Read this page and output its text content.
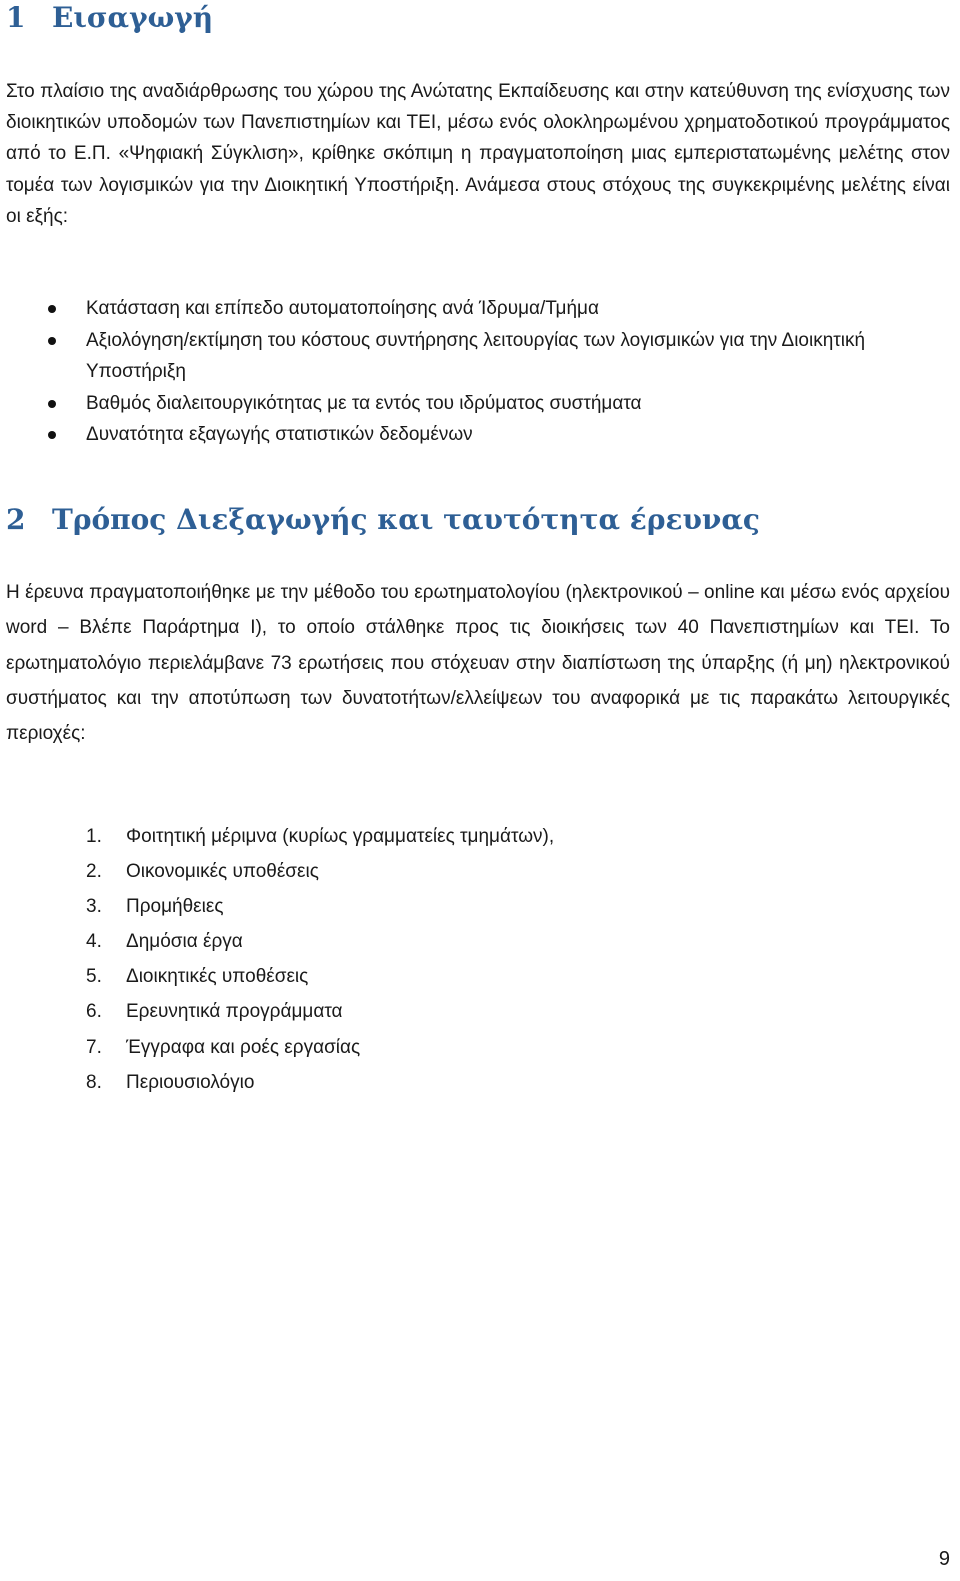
1 Εισαγωγή

Στο πλαίσιο της αναδιάρθρωσης του χώρου της Ανώτατης Εκπαίδευσης και στην κατεύθυνση της ενίσχυσης των διοικητικών υποδομών των Πανεπιστημίων και ΤΕΙ, μέσω ενός ολοκληρωμένου χρηματοδοτικού προγράμματος από το Ε.Π. «Ψηφιακή Σύγκλιση», κρίθηκε σκόπιμη η πραγματοποίηση μιας εμπεριστατωμένης μελέτης στον τομέα των λογισμικών για την Διοικητική Υποστήριξη. Ανάμεσα στους στόχους της συγκεκριμένης μελέτης είναι οι εξής:

Κατάσταση και επίπεδο αυτοματοποίησης ανά Ίδρυμα/Τμήμα
Αξιολόγηση/εκτίμηση του κόστους συντήρησης λειτουργίας των λογισμικών για την Διοικητική Υποστήριξη
Βαθμός διαλειτουργικότητας με τα εντός του ιδρύματος συστήματα
Δυνατότητα εξαγωγής στατιστικών δεδομένων
2 Τρόπος Διεξαγωγής και ταυτότητα έρευνας

Η έρευνα πραγματοποιήθηκε με την μέθοδο του ερωτηματολογίου (ηλεκτρονικού – online και μέσω ενός αρχείου word – Βλέπε Παράρτημα Ι), το οποίο στάλθηκε προς τις διοικήσεις των 40 Πανεπιστημίων και ΤΕΙ. Το ερωτηματολόγιο περιελάμβανε 73 ερωτήσεις που στόχευαν στην διαπίστωση της ύπαρξης (ή μη) ηλεκτρονικού συστήματος και την αποτύπωση των δυνατοτήτων/ελλείψεων του αναφορικά με τις παρακάτω λειτουργικές περιοχές:

1.	Φοιτητική μέριμνα (κυρίως γραμματείες τμημάτων),
2.	Οικονομικές υποθέσεις
3.	Προμήθειες
4.	Δημόσια έργα
5.	Διοικητικές υποθέσεις
6.	Ερευνητικά προγράμματα
7.	Έγγραφα και ροές εργασίας
8.	Περιουσιολόγιο
9
